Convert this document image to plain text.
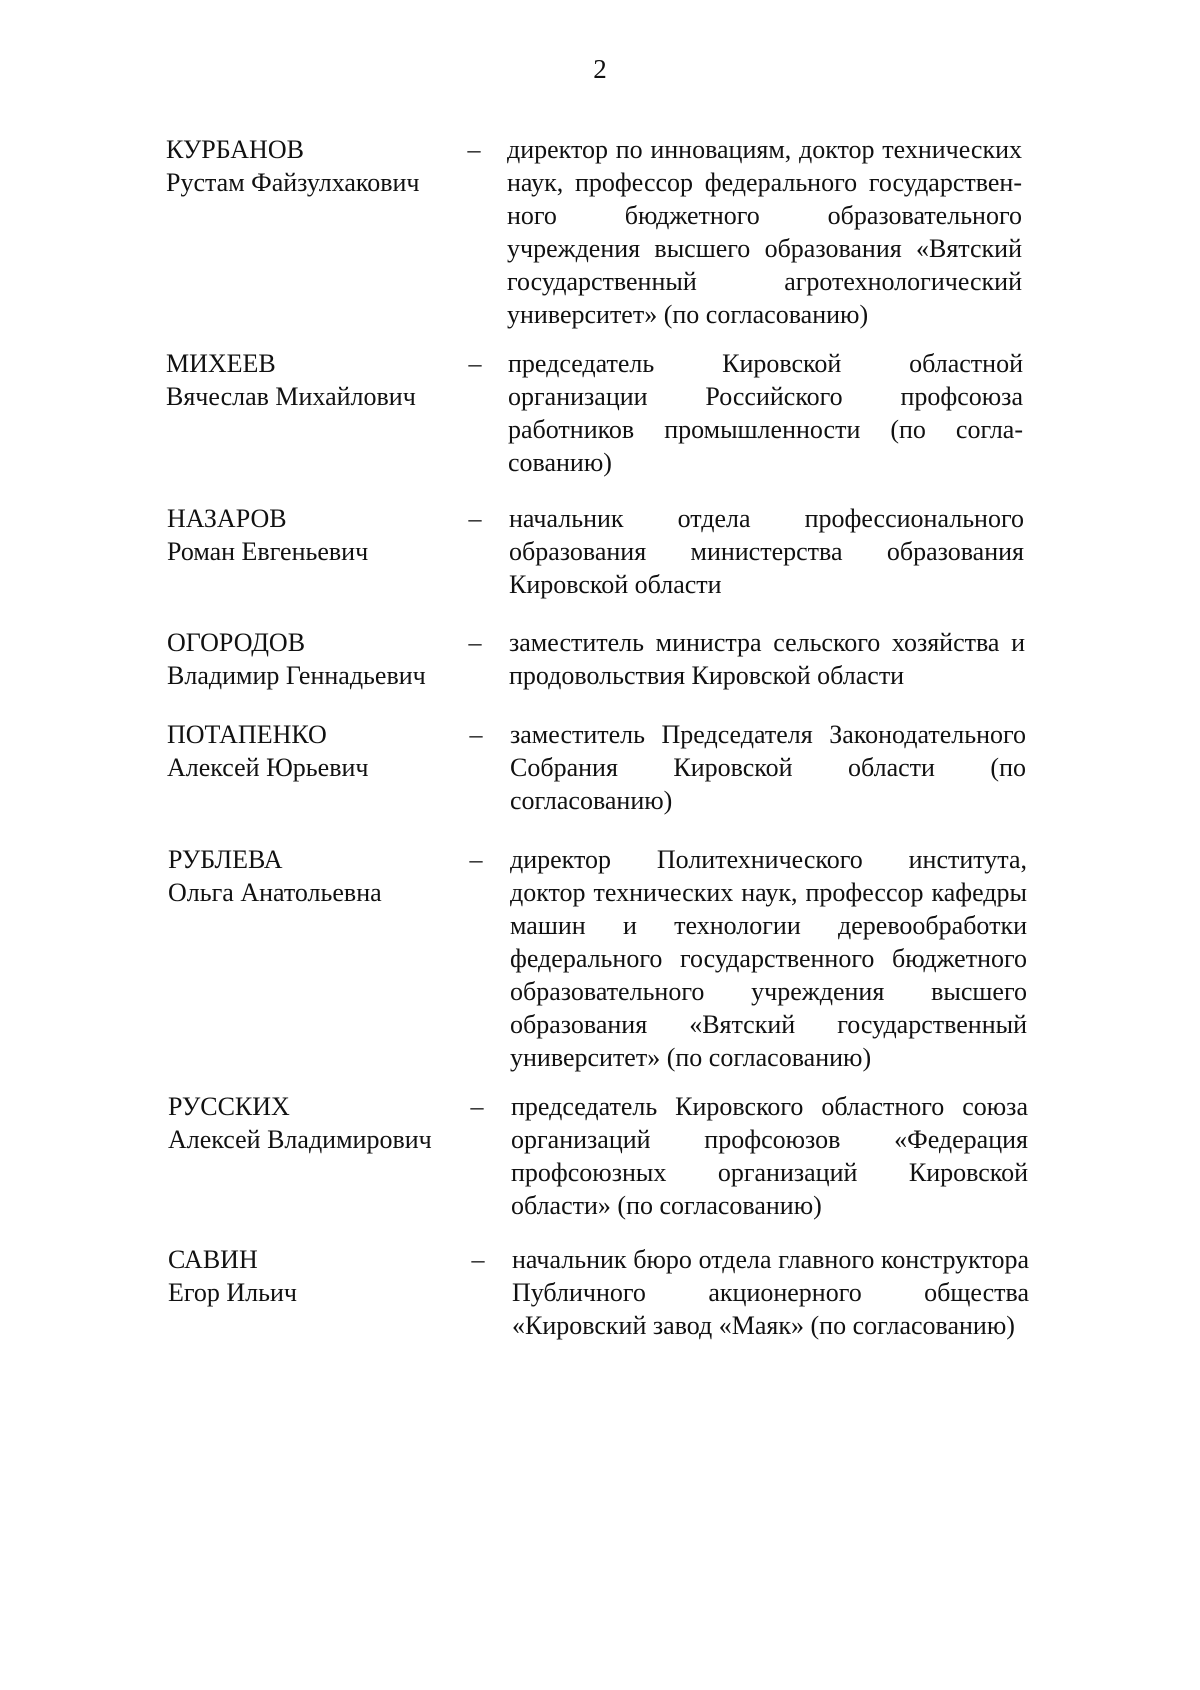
2
КУРБАНОВ
Рустам Файзулхакович
– директор по инновациям, доктор технических наук, профессор федерального государственного бюджетного образовательного учреждения высшего образования «Вятский государственный агротехнологический университет» (по согласованию)
МИХЕЕВ
Вячеслав Михайлович
– председатель Кировской областной организации Российского профсоюза работников промышленности (по согласованию)
НАЗАРОВ
Роман Евгеньевич
– начальник отдела профессионального образования министерства образования Кировской области
ОГОРОДОВ
Владимир Геннадьевич
– заместитель министра сельского хозяйства и продовольствия Кировской области
ПОТАПЕНКО
Алексей Юрьевич
– заместитель Председателя Законодательного Собрания Кировской области (по согласованию)
РУБЛЕВА
Ольга Анатольевна
– директор Политехнического института, доктор технических наук, профессор кафедры машин и технологии деревообработки федерального государственного бюджетного образовательного учреждения высшего образования «Вятский государственный университет» (по согласованию)
РУССКИХ
Алексей Владимирович
– председатель Кировского областного союза организаций профсоюзов «Федерация профсоюзных организаций Кировской области» (по согласованию)
САВИН
Егор Ильич
– начальник бюро отдела главного конструктора Публичного акционерного общества «Кировский завод «Маяк» (по согласованию)
